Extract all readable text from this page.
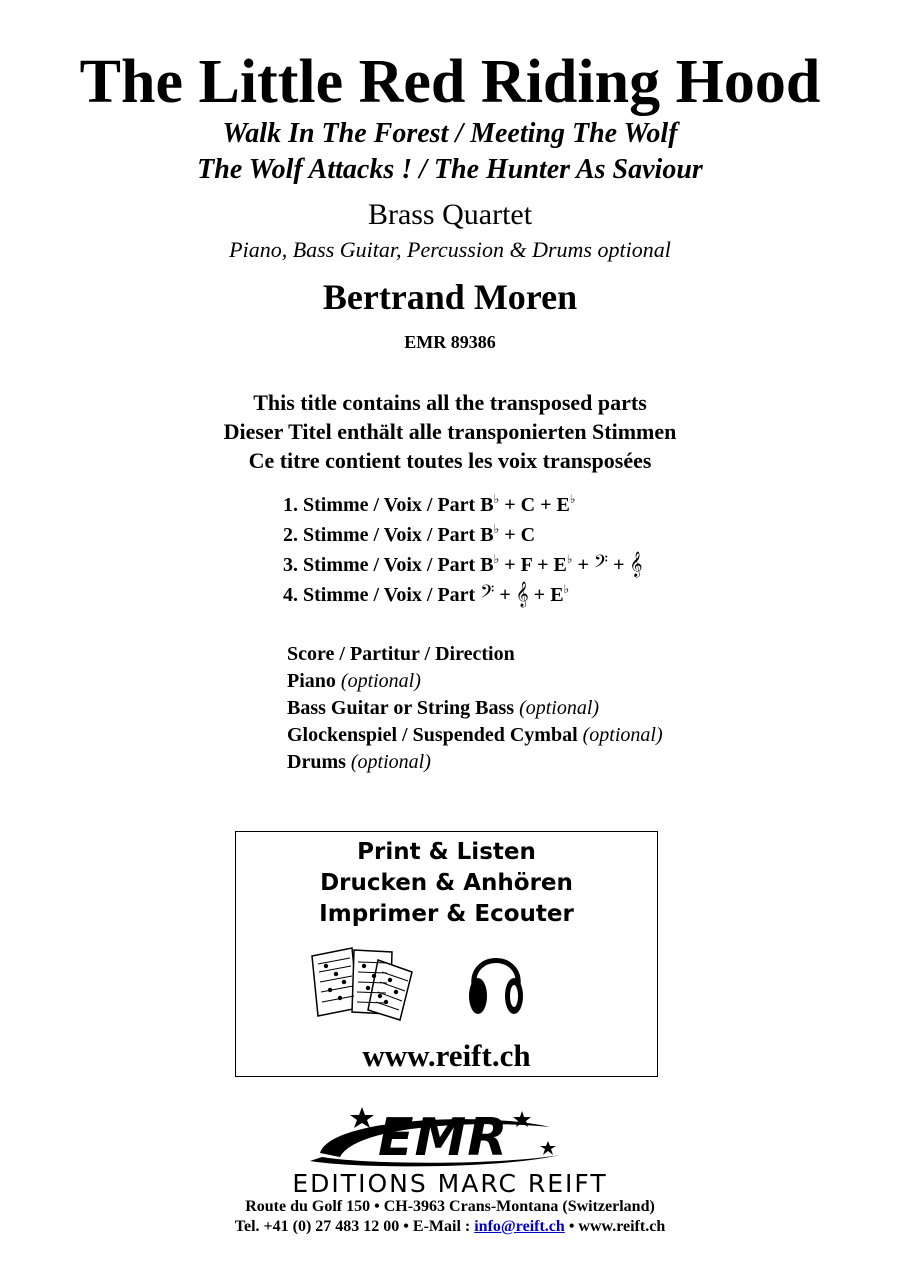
The Little Red Riding Hood
Walk In The Forest / Meeting The Wolf
The Wolf Attacks ! / The Hunter As Saviour
Brass Quartet
Piano, Bass Guitar, Percussion & Drums optional
Bertrand Moren
EMR 89386
This title contains all the transposed parts
Dieser Titel enthält alle transponierten Stimmen
Ce titre contient toutes les voix transposées
1. Stimme / Voix / Part B♭ + C + E♭
2. Stimme / Voix / Part B♭ + C
3. Stimme / Voix / Part B♭ + F + E♭ + 𝄢 + 𝄞
4. Stimme / Voix / Part 𝄢 + 𝄞 + E♭
Score / Partitur / Direction
Piano (optional)
Bass Guitar or String Bass (optional)
Glockenspiel / Suspended Cymbal (optional)
Drums (optional)
Print & Listen
Drucken & Anhören
Imprimer & Ecouter
www.reift.ch
EMR
EDITIONS MARC REIFT
Route du Golf 150 • CH-3963 Crans-Montana (Switzerland)
Tel. +41 (0) 27 483 12 00 • E-Mail : info@reift.ch • www.reift.ch
